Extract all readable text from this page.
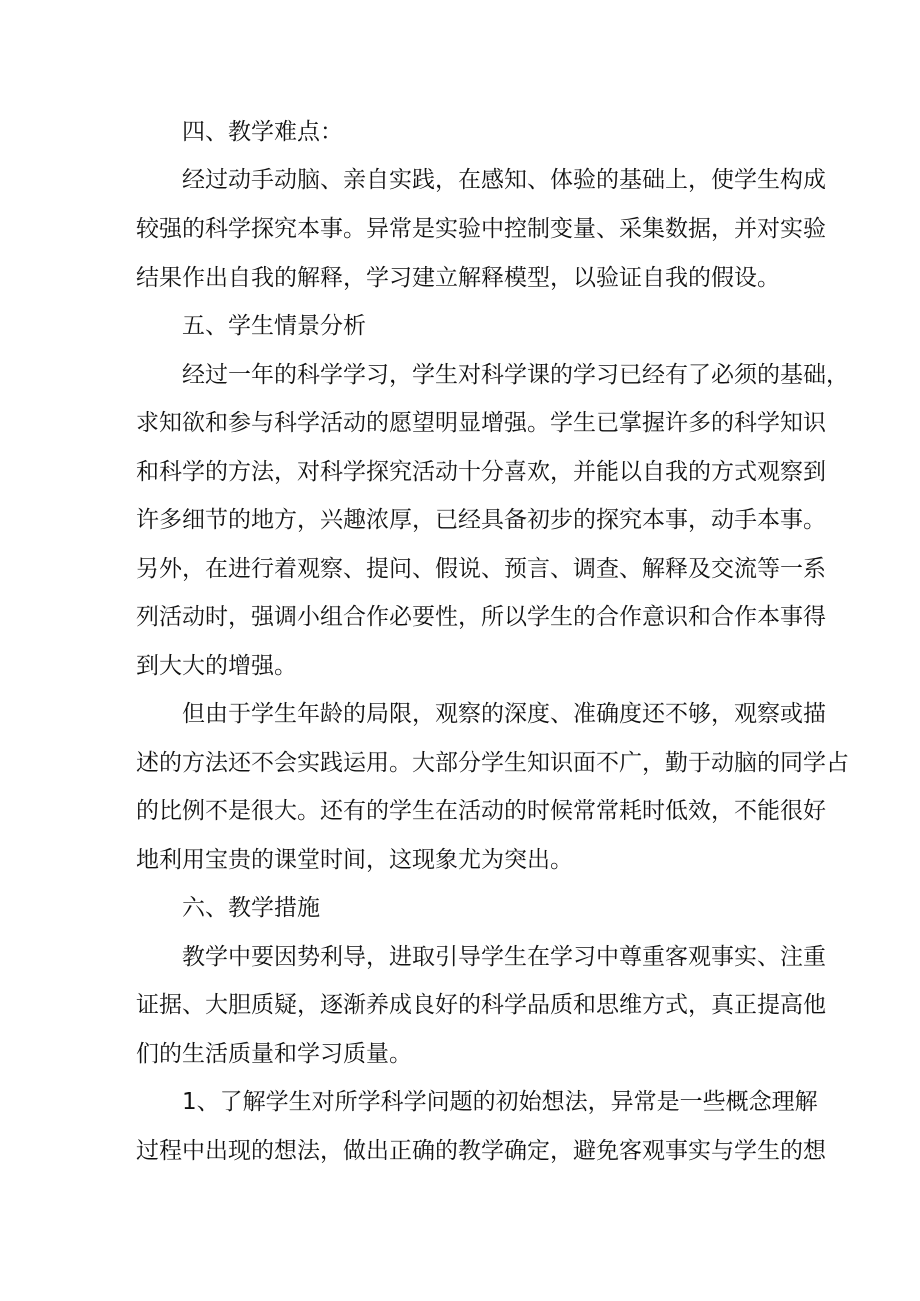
四、教学难点：

经过动手动脑、亲自实践，在感知、体验的基础上，使学生构成

较强的科学探究本事。异常是实验中控制变量、采集数据，并对实验

结果作出自我的解释，学习建立解释模型，以验证自我的假设。

五、学生情景分析

经过一年的科学学习，学生对科学课的学习已经有了必须的基础，

求知欲和参与科学活动的愿望明显增强。学生已掌握许多的科学知识

和科学的方法，对科学探究活动十分喜欢，并能以自我的方式观察到

许多细节的地方，兴趣浓厚，已经具备初步的探究本事，动手本事。

另外，在进行着观察、提问、假说、预言、调查、解释及交流等一系

列活动时，强调小组合作必要性，所以学生的合作意识和合作本事得

到大大的增强。

但由于学生年龄的局限，观察的深度、准确度还不够，观察或描

述的方法还不会实践运用。大部分学生知识面不广，勤于动脑的同学占

的比例不是很大。还有的学生在活动的时候常常耗时低效，不能很好

地利用宝贵的课堂时间，这现象尤为突出。

六、教学措施

教学中要因势利导，进取引导学生在学习中尊重客观事实、注重

证据、大胆质疑，逐渐养成良好的科学品质和思维方式，真正提高他

们的生活质量和学习质量。

1、了解学生对所学科学问题的初始想法，异常是一些概念理解

过程中出现的想法，做出正确的教学确定，避免客观事实与学生的想
